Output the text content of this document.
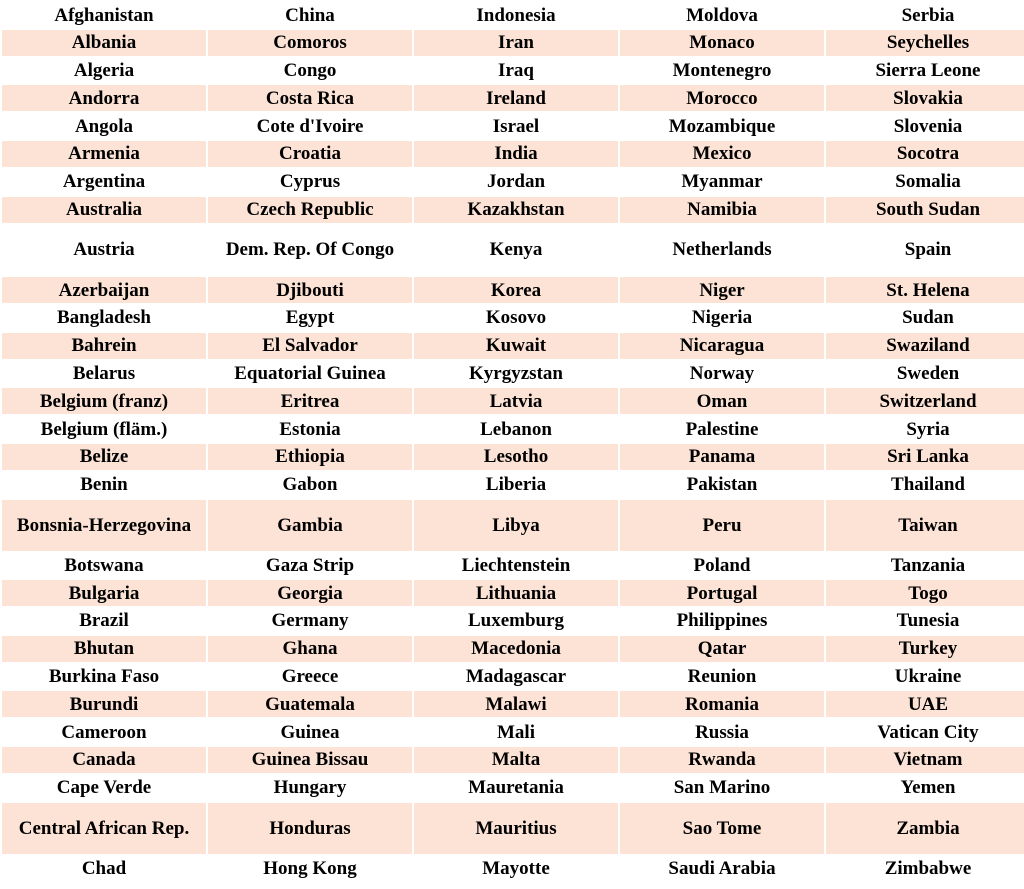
Afghanistan	China	Indonesia	Moldova	Serbia
Albania	Comoros	Iran	Monaco	Seychelles
Algeria	Congo	Iraq	Montenegro	Sierra Leone
Andorra	Costa Rica	Ireland	Morocco	Slovakia
Angola	Cote d'Ivoire	Israel	Mozambique	Slovenia
Armenia	Croatia	India	Mexico	Socotra
Argentina	Cyprus	Jordan	Myanmar	Somalia
Australia	Czech Republic	Kazakhstan	Namibia	South Sudan
Austria	Dem. Rep. Of Congo	Kenya	Netherlands	Spain
Azerbaijan	Djibouti	Korea	Niger	St. Helena
Bangladesh	Egypt	Kosovo	Nigeria	Sudan
Bahrein	El Salvador	Kuwait	Nicaragua	Swaziland
Belarus	Equatorial Guinea	Kyrgyzstan	Norway	Sweden
Belgium (franz)	Eritrea	Latvia	Oman	Switzerland
Belgium (fläm.)	Estonia	Lebanon	Palestine	Syria
Belize	Ethiopia	Lesotho	Panama	Sri Lanka
Benin	Gabon	Liberia	Pakistan	Thailand
Bonsnia-Herzegovina	Gambia	Libya	Peru	Taiwan
Botswana	Gaza Strip	Liechtenstein	Poland	Tanzania
Bulgaria	Georgia	Lithuania	Portugal	Togo
Brazil	Germany	Luxemburg	Philippines	Tunesia
Bhutan	Ghana	Macedonia	Qatar	Turkey
Burkina Faso	Greece	Madagascar	Reunion	Ukraine
Burundi	Guatemala	Malawi	Romania	UAE
Cameroon	Guinea	Mali	Russia	Vatican City
Canada	Guinea Bissau	Malta	Rwanda	Vietnam
Cape Verde	Hungary	Mauretania	San Marino	Yemen
Central African Rep.	Honduras	Mauritius	Sao Tome	Zambia
Chad	Hong Kong	Mayotte	Saudi Arabia	Zimbabwe
